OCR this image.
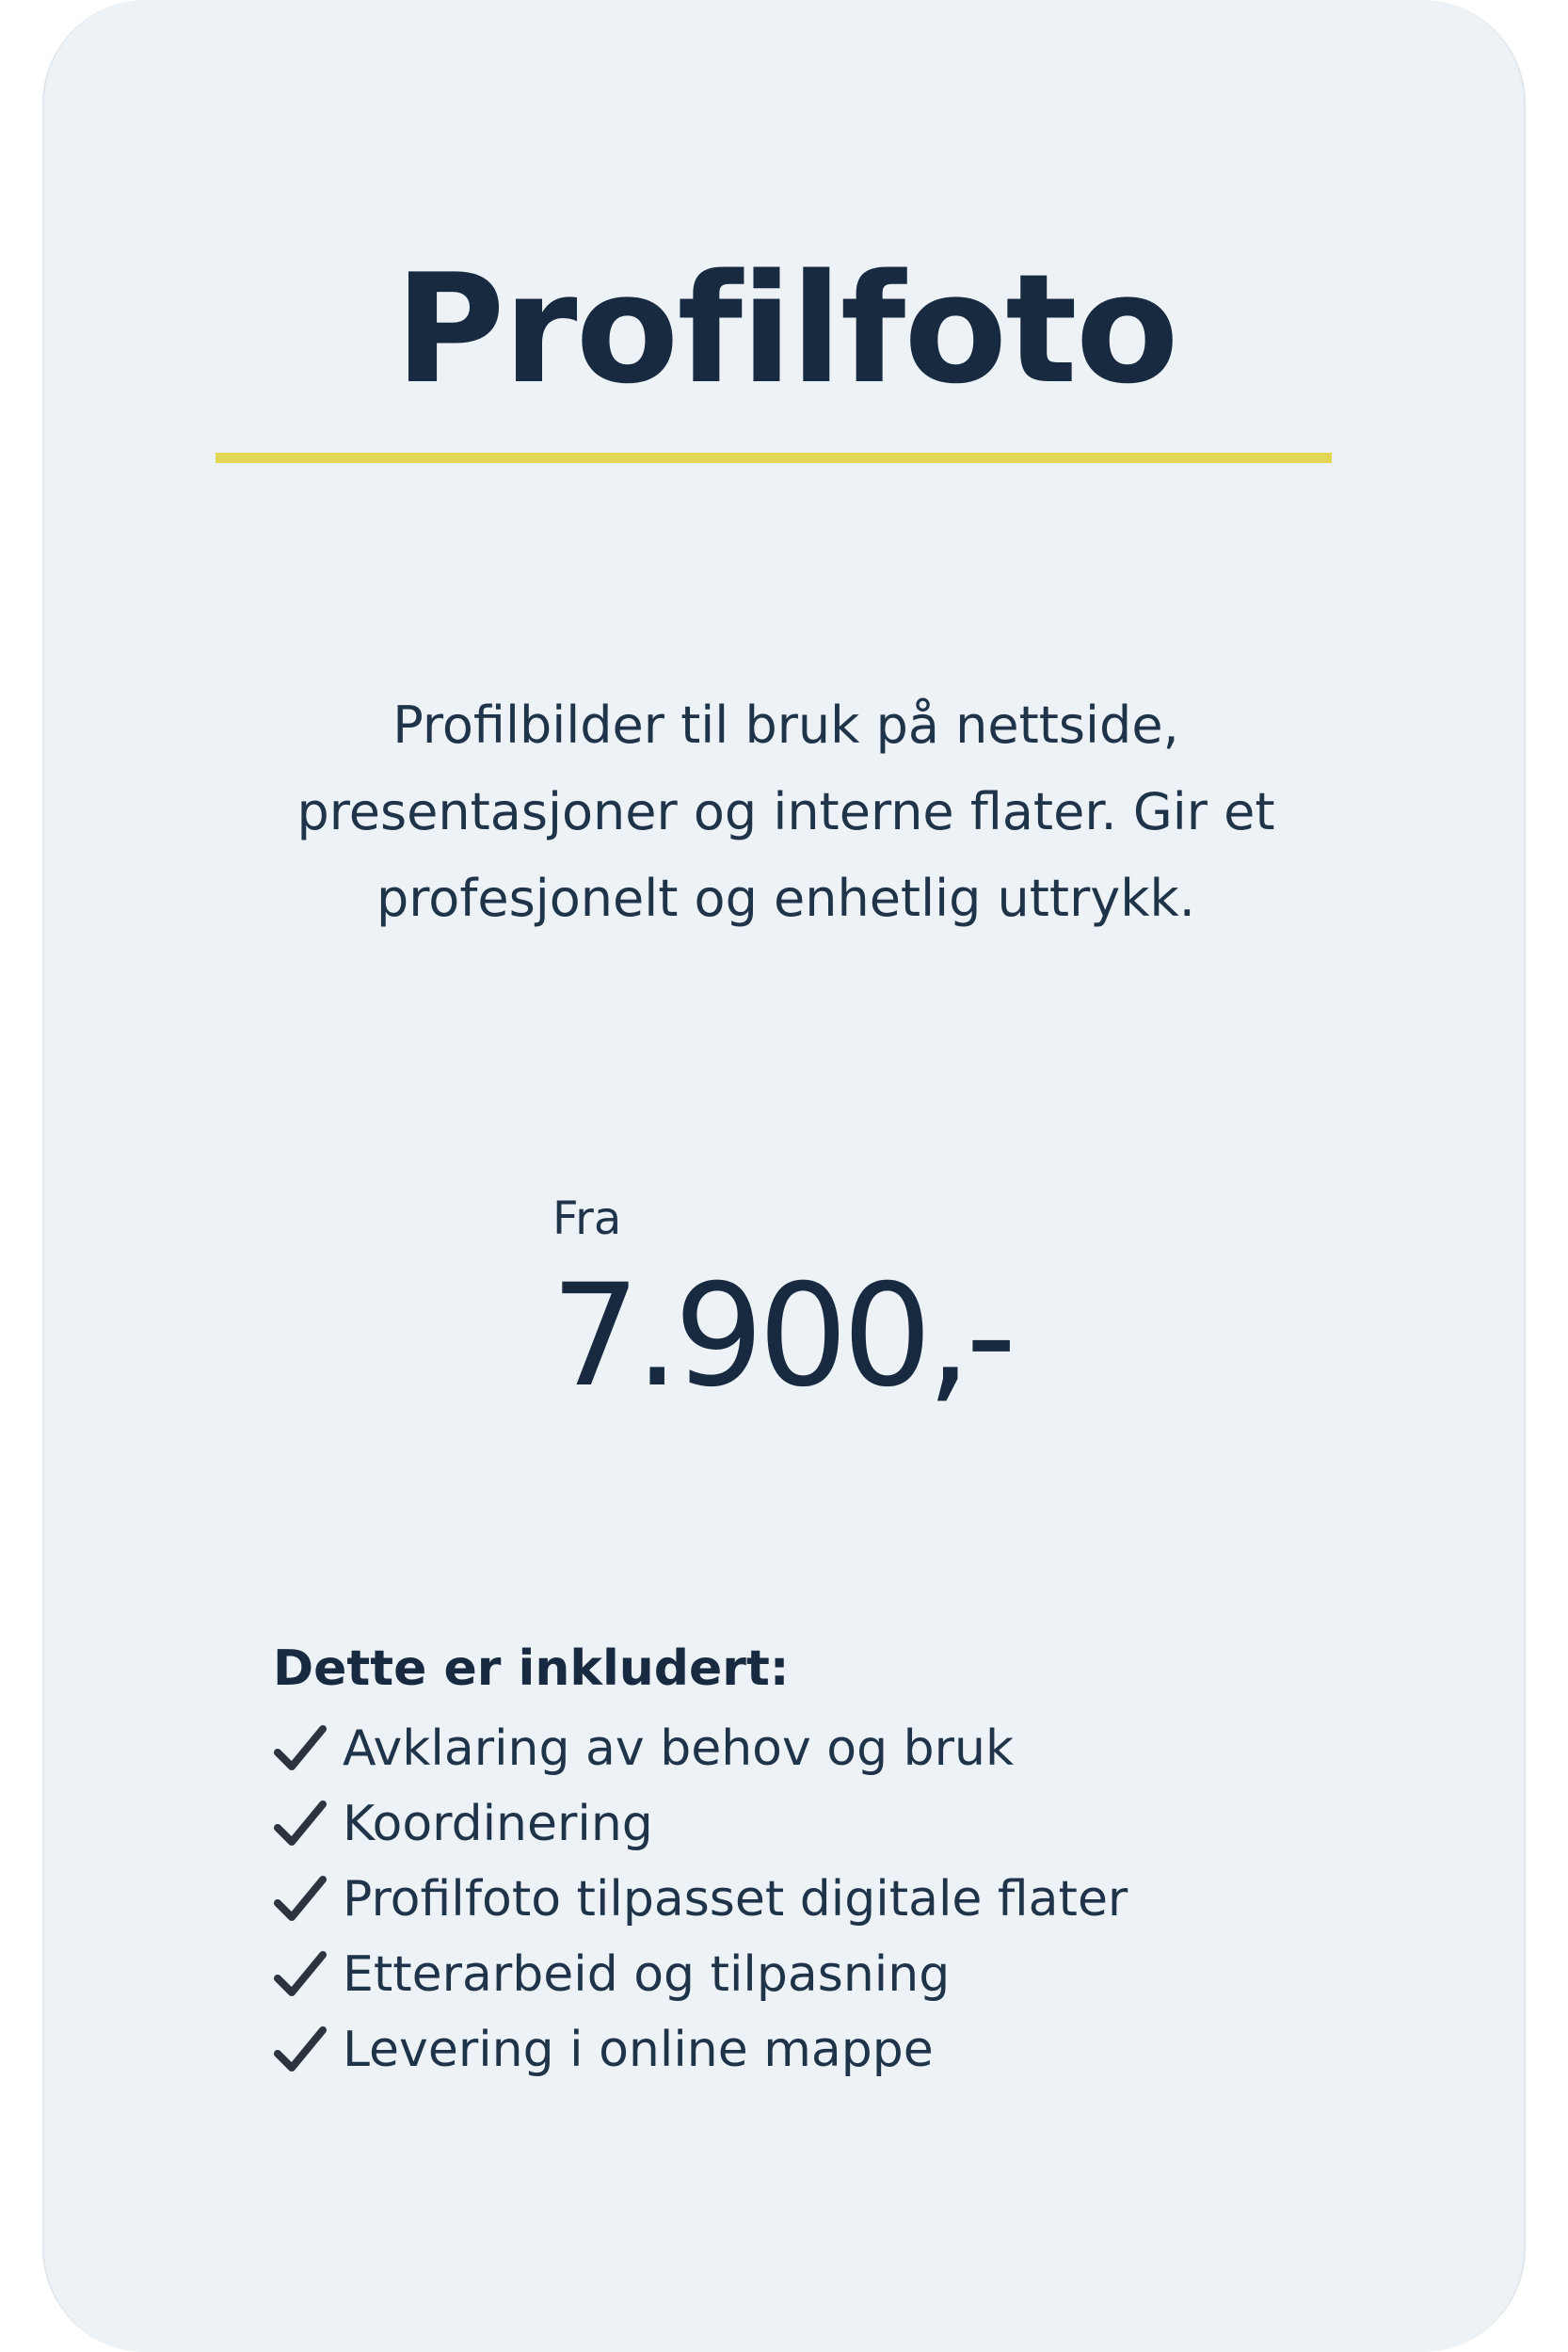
Profilfoto

Profilbilder til bruk på nettside, presentasjoner og interne flater. Gir et profesjonelt og enhetlig uttrykk.

Fra
7.900,-
Dette er inkludert:
Avklaring av behov og bruk
Koordinering
Profilfoto tilpasset digitale flater
Etterarbeid og tilpasning
Levering i online mappe
